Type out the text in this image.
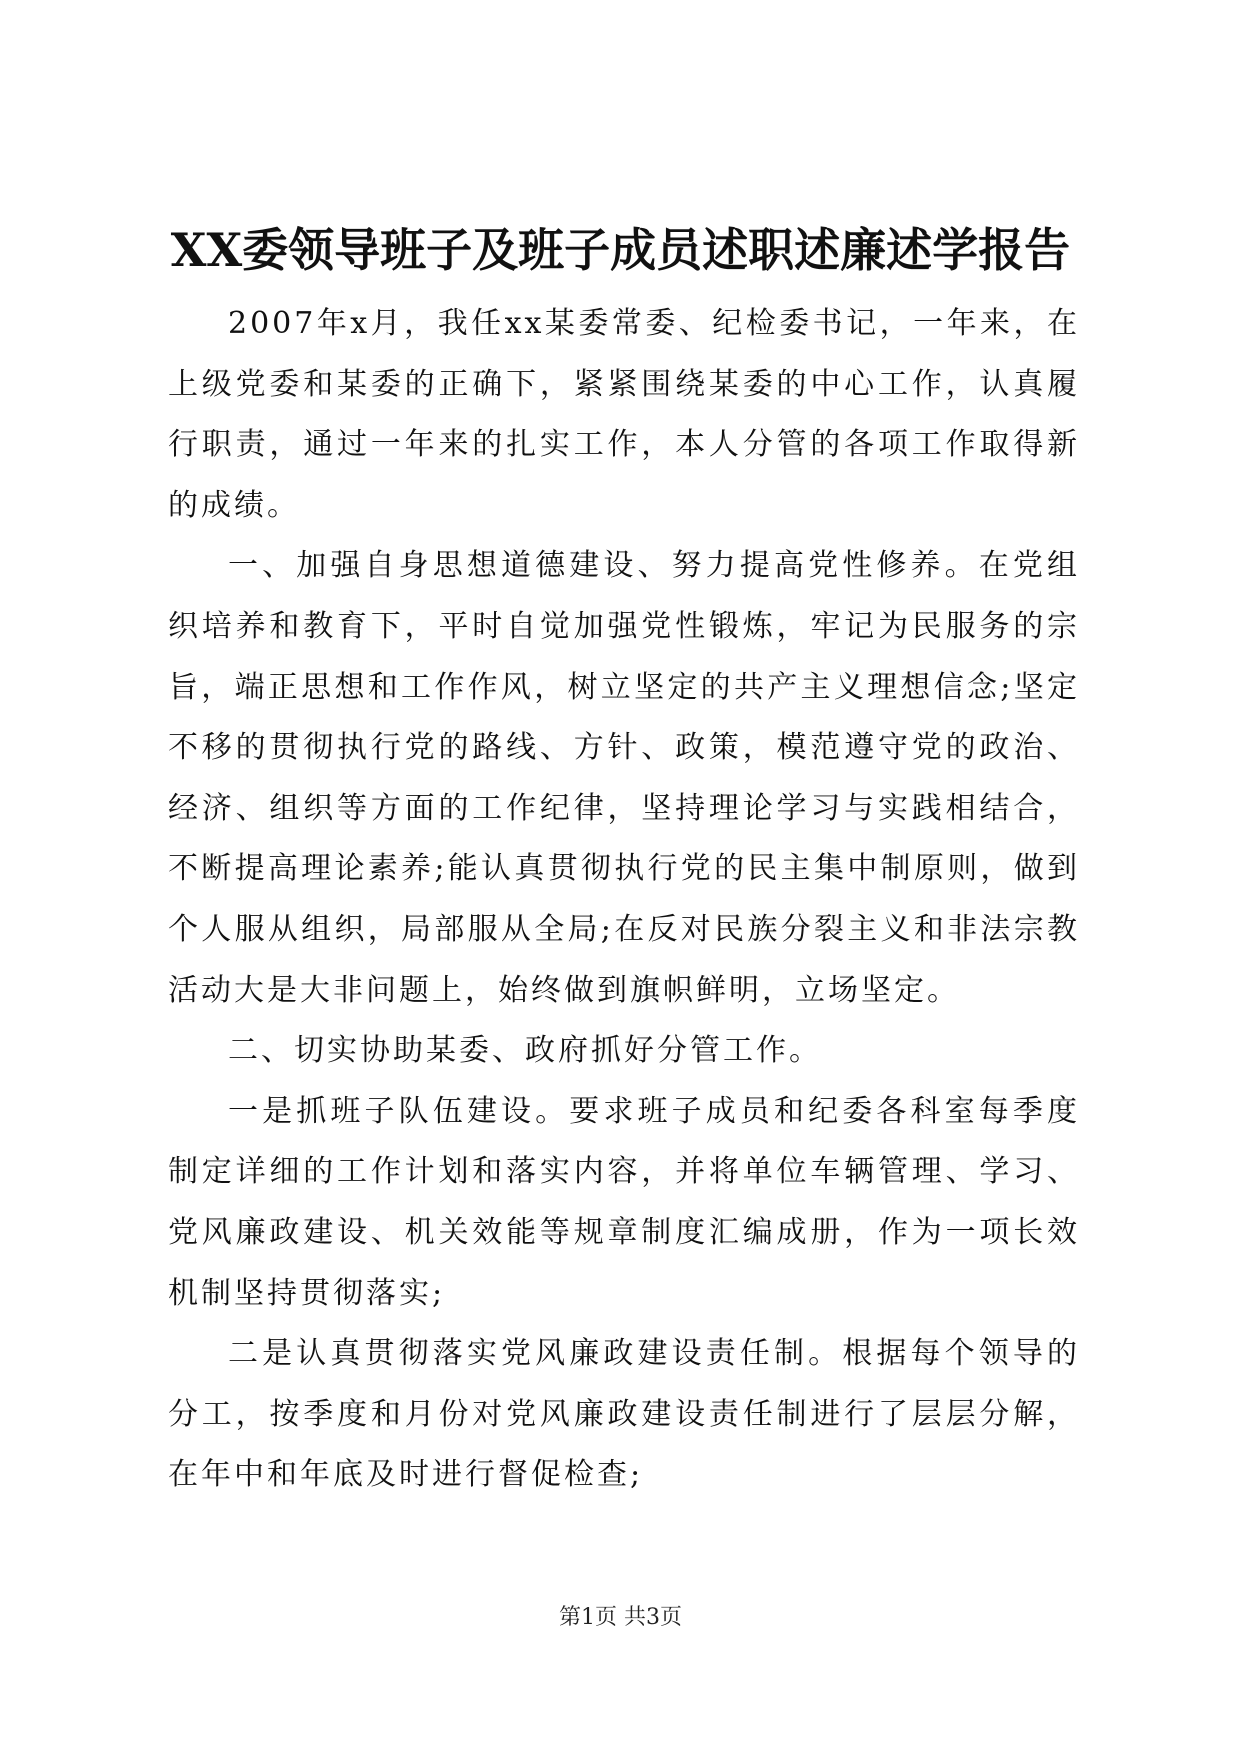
XX委领导班子及班子成员述职述廉述学报告

2007年x月，我任xx某委常委、纪检委书记，一年来，在上级党委和某委的正确下，紧紧围绕某委的中心工作，认真履行职责，通过一年来的扎实工作，本人分管的各项工作取得新的成绩。

一、加强自身思想道德建设、努力提高党性修养。在党组织培养和教育下，平时自觉加强党性锻炼，牢记为民服务的宗旨，端正思想和工作作风，树立坚定的共产主义理想信念;坚定不移的贯彻执行党的路线、方针、政策，模范遵守党的政治、经济、组织等方面的工作纪律，坚持理论学习与实践相结合，不断提高理论素养;能认真贯彻执行党的民主集中制原则，做到个人服从组织，局部服从全局;在反对民族分裂主义和非法宗教活动大是大非问题上，始终做到旗帜鲜明，立场坚定。

二、切实协助某委、政府抓好分管工作。

一是抓班子队伍建设。要求班子成员和纪委各科室每季度制定详细的工作计划和落实内容，并将单位车辆管理、学习、党风廉政建设、机关效能等规章制度汇编成册，作为一项长效机制坚持贯彻落实;

二是认真贯彻落实党风廉政建设责任制。根据每个领导的分工，按季度和月份对党风廉政建设责任制进行了层层分解，在年中和年底及时进行督促检查;

第1页 共3页
